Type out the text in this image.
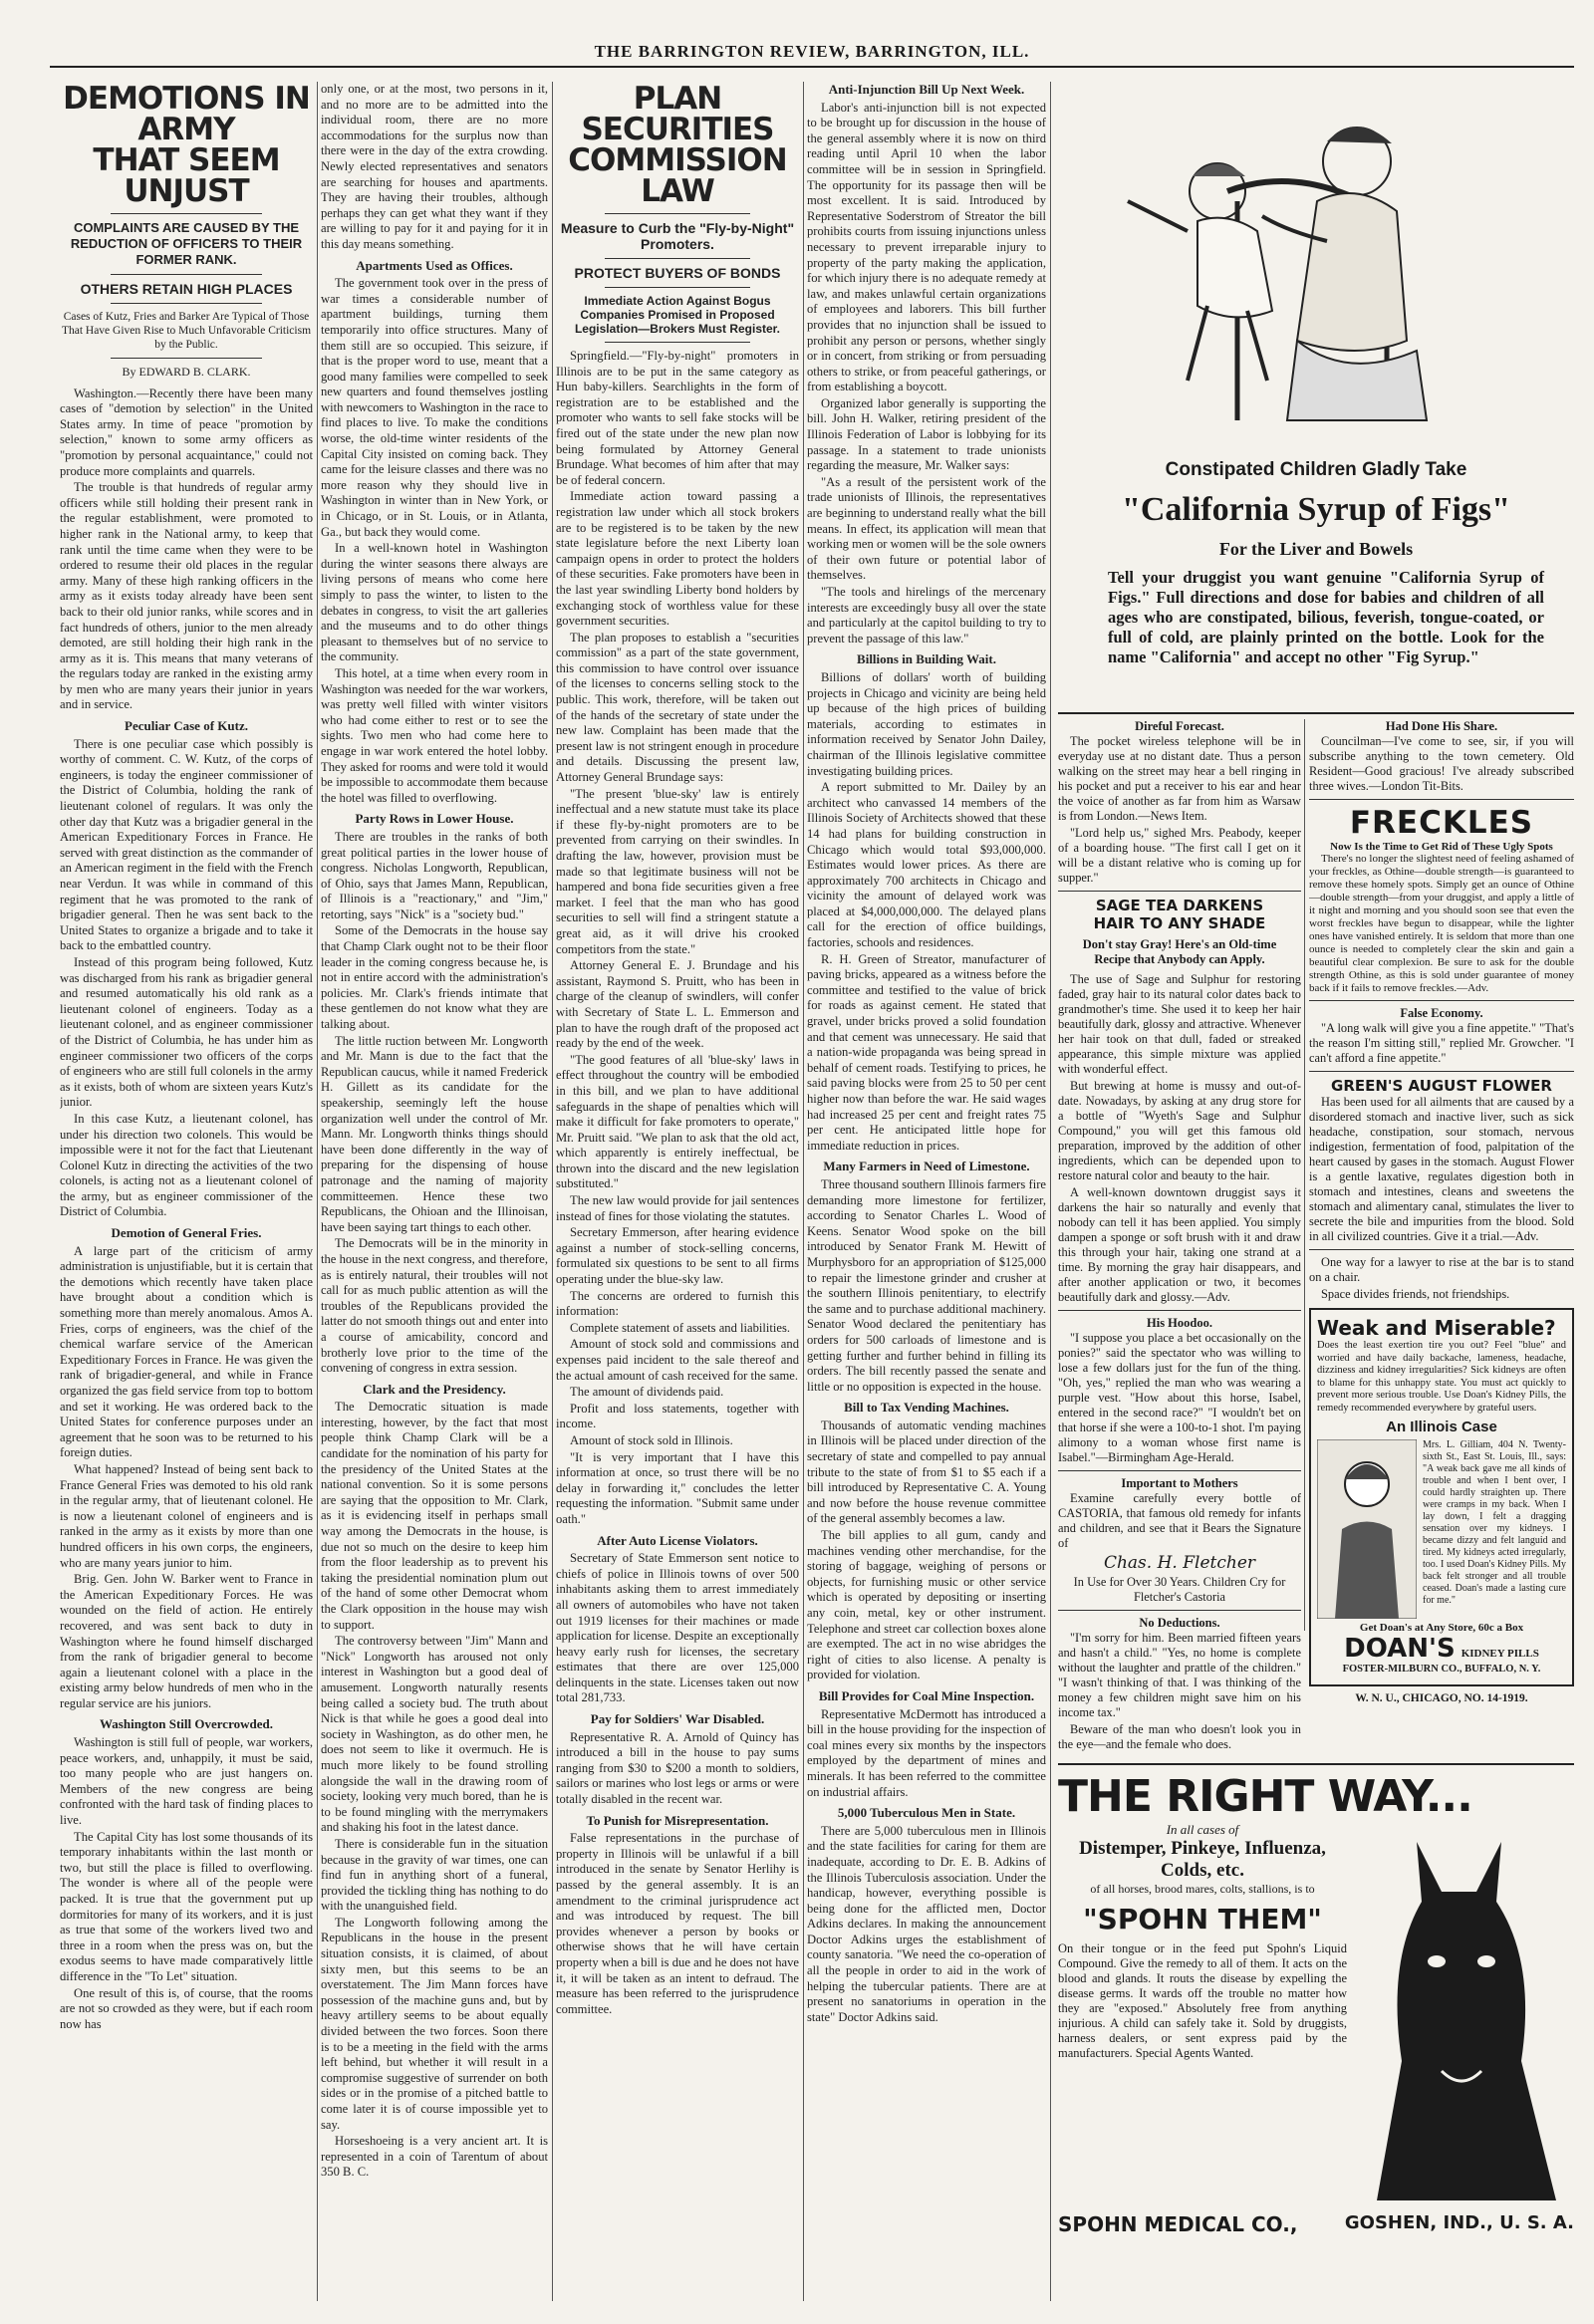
THE BARRINGTON REVIEW, BARRINGTON, ILL.
DEMOTIONS IN ARMY
THAT SEEM UNJUST
COMPLAINTS ARE CAUSED BY THE REDUCTION OF OFFICERS TO THEIR FORMER RANK.
OTHERS RETAIN HIGH PLACES
Cases of Kutz, Fries and Barker Are Typical of Those That Have Given Rise to Much Unfavorable Criticism by the Public.
By EDWARD B. CLARK.

Washington.—Recently there have been many cases of "demotion by selection" in the United States army. In time of peace "promotion by selection," known to some army officers as "promotion by personal acquaintance," could not produce more complaints and quarrels.

The trouble is that hundreds of regular army officers while still holding their present rank in the regular establishment, were promoted to higher rank in the National army, to keep that rank until the time came when they were to be ordered to resume their old places in the regular army. Many of these high ranking officers in the army as it exists today already have been sent back to their old junior ranks, while scores and in fact hundreds of others, junior to the men already demoted, are still holding their high rank in the army as it is. This means that many veterans of the regulars today are ranked in the existing army by men who are many years their junior in years and in service.

Peculiar Case of Kutz.

There is one peculiar case which possibly is worthy of comment. C. W. Kutz, of the corps of engineers, is today the engineer commissioner of the District of Columbia, holding the rank of lieutenant colonel of regulars. It was only the other day that Kutz was a brigadier general in the American Expeditionary Forces in France. He served with great distinction as the commander of an American regiment in the field with the French near Verdun. It was while in command of this regiment that he was promoted to the rank of brigadier general. Then he was sent back to the United States to organize a brigade and to take it back to the embattled country.

Instead of this program being followed, Kutz was discharged from his rank as brigadier general and resumed automatically his old rank as a lieutenant colonel of engineers. Today as a lieutenant colonel, and as engineer commissioner of the District of Columbia, he has under him as engineer commissioner two officers of the corps of engineers who are still full colonels in the army as it exists, both of whom are sixteen years Kutz's junior.

In this case Kutz, a lieutenant colonel, has under his direction two colonels. This would be impossible were it not for the fact that Lieutenant Colonel Kutz in directing the activities of the two colonels, is acting not as a lieutenant colonel of the army, but as engineer commissioner of the District of Columbia.

Demotion of General Fries.

A large part of the criticism of army administration is unjustifiable, but it is certain that the demotions which recently have taken place have brought about a condition which is something more than merely anomalous. Amos A. Fries, corps of engineers, was the chief of the chemical warfare service of the American Expeditionary Forces in France. He was given the rank of brigadier-general, and while in France organized the gas field service from top to bottom and set it working. He was ordered back to the United States for conference purposes under an agreement that he soon was to be returned to his foreign duties.

What happened? Instead of being sent back to France General Fries was demoted to his old rank in the regular army, that of lieutenant colonel. He is now a lieutenant colonel of engineers and is ranked in the army as it exists by more than one hundred officers in his own corps, the engineers, who are many years junior to him.

Brig. Gen. John W. Barker went to France in the American Expeditionary Forces. He was wounded on the field of action. He entirely recovered, and was sent back to duty in Washington where he found himself discharged from the rank of brigadier general to become again a lieutenant colonel with a place in the existing army below hundreds of men who in the regular service are his juniors.

Washington Still Overcrowded.

Washington is still full of people, war workers, peace workers, and, unhappily, it must be said, too many people who are just hangers on. Members of the new congress are being confronted with the hard task of finding places to live.

The Capital City has lost some thousands of its temporary inhabitants within the last month or two, but still the place is filled to overflowing. The wonder is where all of the people were packed. It is true that the government put up dormitories for many of its workers, and it is just as true that some of the workers lived two and three in a room when the press was on, but the exodus seems to have made comparatively little difference in the "To Let" situation.

One result of this is, of course, that the rooms are not so crowded as they were, but if each room now has

only one, or at the most, two persons in it, and no more are to be admitted into the individual room, there are no more accommodations for the surplus now than there were in the day of the extra crowding. Newly elected representatives and senators are searching for houses and apartments. They are having their troubles, although perhaps they can get what they want if they are willing to pay for it and paying for it in this day means something.

Apartments Used as Offices.

The government took over in the press of war times a considerable number of apartment buildings, turning them temporarily into office structures. Many of them still are so occupied. This seizure, if that is the proper word to use, meant that a good many families were compelled to seek new quarters and found themselves jostling with newcomers to Washington in the race to find places to live. To make the conditions worse, the old-time winter residents of the Capital City insisted on coming back. They came for the leisure classes and there was no more reason why they should live in Washington in winter than in New York, or in Chicago, or in St. Louis, or in Atlanta, Ga., but back they would come.

In a well-known hotel in Washington during the winter seasons there always are living persons of means who come here simply to pass the winter, to listen to the debates in congress, to visit the art galleries and the museums and to do other things pleasant to themselves but of no service to the community.

This hotel, at a time when every room in Washington was needed for the war workers, was pretty well filled with winter visitors who had come either to rest or to see the sights. Two men who had come here to engage in war work entered the hotel lobby. They asked for rooms and were told it would be impossible to accommodate them because the hotel was filled to overflowing.

Party Rows in Lower House.

There are troubles in the ranks of both great political parties in the lower house of congress. Nicholas Longworth, Republican, of Ohio, says that James Mann, Republican, of Illinois is a "reactionary," and "Jim," retorting, says "Nick" is a "society bud."

Some of the Democrats in the house say that Champ Clark ought not to be their floor leader in the coming congress because he, is not in entire accord with the administration's policies. Mr. Clark's friends intimate that these gentlemen do not know what they are talking about.

The little ruction between Mr. Longworth and Mr. Mann is due to the fact that the Republican caucus, while it named Frederick H. Gillett as its candidate for the speakership, seemingly left the house organization well under the control of Mr. Mann. Mr. Longworth thinks things should have been done differently in the way of preparing for the dispensing of house patronage and the naming of majority committeemen. Hence these two Republicans, the Ohioan and the Illinoisan, have been saying tart things to each other.

The Democrats will be in the minority in the house in the next congress, and therefore, as is entirely natural, their troubles will not call for as much public attention as will the troubles of the Republicans provided the latter do not smooth things out and enter into a course of amicability, concord and brotherly love prior to the time of the convening of congress in extra session.

Clark and the Presidency.

The Democratic situation is made interesting, however, by the fact that most people think Champ Clark will be a candidate for the nomination of his party for the presidency of the United States at the national convention. So it is some persons are saying that the opposition to Mr. Clark, as it is evidencing itself in perhaps small way among the Democrats in the house, is due not so much on the desire to keep him from the floor leadership as to prevent his taking the presidential nomination plum out of the hand of some other Democrat whom the Clark opposition in the house may wish to support.

The controversy between "Jim" Mann and "Nick" Longworth has aroused not only interest in Washington but a good deal of amusement. Longworth naturally resents being called a society bud. The truth about Nick is that while he goes a good deal into society in Washington, as do other men, he does not seem to like it overmuch. He is much more likely to be found strolling alongside the wall in the drawing room of society, looking very much bored, than he is to be found mingling with the merrymakers and shaking his foot in the latest dance.

There is considerable fun in the situation because in the gravity of war times, one can find fun in anything short of a funeral, provided the tickling thing has nothing to do with the unanguished field.

The Longworth following among the Republicans in the house in the present situation consists, it is claimed, of about sixty men, but this seems to be an overstatement. The Jim Mann forces have possession of the machine guns and, but by heavy artillery seems to be about equally divided between the two forces. Soon there is to be a meeting in the field with the arms left behind, but whether it will result in a compromise suggestive of surrender on both sides or in the promise of a pitched battle to come later it is of course impossible yet to say.

Horseshoeing is a very ancient art. It is represented in a coin of Tarentum of about 350 B. C.

PLAN SECURITIES
COMMISSION LAW
Measure to Curb the "Fly-by-Night" Promoters.
PROTECT BUYERS OF BONDS
Immediate Action Against Bogus Companies Promised in Proposed Legislation—Brokers Must Register.

Springfield.—"Fly-by-night" promoters in Illinois are to be put in the same category as Hun baby-killers. Searchlights in the form of registration are to be established and the promoter who wants to sell fake stocks will be fired out of the state under the new plan now being formulated by Attorney General Brundage. What becomes of him after that may be of federal concern.

Immediate action toward passing a registration law under which all stock brokers are to be registered is to be taken by the new state legislature before the next Liberty loan campaign opens in order to protect the holders of these securities. Fake promoters have been in the last year swindling Liberty bond holders by exchanging stock of worthless value for these government securities.

The plan proposes to establish a "securities commission" as a part of the state government, this commission to have control over issuance of the licenses to concerns selling stock to the public. This work, therefore, will be taken out of the hands of the secretary of state under the new law. Complaint has been made that the present law is not stringent enough in procedure and details. Discussing the present law, Attorney General Brundage says:

"The present 'blue-sky' law is entirely ineffectual and a new statute must take its place if these fly-by-night promoters are to be prevented from carrying on their swindles. In drafting the law, however, provision must be made so that legitimate business will not be hampered and bona fide securities given a free market. I feel that the man who has good securities to sell will find a stringent statute a great aid, as it will drive his crooked competitors from the state."

Attorney General E. J. Brundage and his assistant, Raymond S. Pruitt, who has been in charge of the cleanup of swindlers, will confer with Secretary of State L. L. Emmerson and plan to have the rough draft of the proposed act ready by the end of the week.

"The good features of all 'blue-sky' laws in effect throughout the country will be embodied in this bill, and we plan to have additional safeguards in the shape of penalties which will make it difficult for fake promoters to operate," Mr. Pruitt said. "We plan to ask that the old act, which apparently is entirely ineffectual, be thrown into the discard and the new legislation substituted."

The new law would provide for jail sentences instead of fines for those violating the statutes.

Secretary Emmerson, after hearing evidence against a number of stock-selling concerns, formulated six questions to be sent to all firms operating under the blue-sky law.

The concerns are ordered to furnish this information:

Complete statement of assets and liabilities.

Amount of stock sold and commissions and expenses paid incident to the sale thereof and the actual amount of cash received for the same.

The amount of dividends paid.

Profit and loss statements, together with income.

Amount of stock sold in Illinois.

"It is very important that I have this information at once, so trust there will be no delay in forwarding it," concludes the letter requesting the information. "Submit same under oath."

After Auto License Violators.

Secretary of State Emmerson sent notice to chiefs of police in Illinois towns of over 500 inhabitants asking them to arrest immediately all owners of automobiles who have not taken out 1919 licenses for their machines or made application for license. Despite an exceptionally heavy early rush for licenses, the secretary estimates that there are over 125,000 delinquents in the state. Licenses taken out now total 281,733.

Pay for Soldiers' War Disabled.

Representative R. A. Arnold of Quincy has introduced a bill in the house to pay sums ranging from $30 to $200 a month to soldiers, sailors or marines who lost legs or arms or were totally disabled in the recent war.

To Punish for Misrepresentation.

False representations in the purchase of property in Illinois will be unlawful if a bill introduced in the senate by Senator Herlihy is passed by the general assembly. It is an amendment to the criminal jurisprudence act and was introduced by request. The bill provides whenever a person by books or otherwise shows that he will have certain property when a bill is due and he does not have it, it will be taken as an intent to defraud. The measure has been referred to the jurisprudence committee.

Anti-Injunction Bill Up Next Week.

Labor's anti-injunction bill is not expected to be brought up for discussion in the house of the general assembly where it is now on third reading until April 10 when the labor committee will be in session in Springfield. The opportunity for its passage then will be most excellent. It is said. Introduced by Representative Soderstrom of Streator the bill prohibits courts from issuing injunctions unless necessary to prevent irreparable injury to property of the party making the application, for which injury there is no adequate remedy at law, and makes unlawful certain organizations of employees and laborers. This bill further provides that no injunction shall be issued to prohibit any person or persons, whether singly or in concert, from striking or from persuading others to strike, or from peaceful gatherings, or from establishing a boycott.

Organized labor generally is supporting the bill. John H. Walker, retiring president of the Illinois Federation of Labor is lobbying for its passage. In a statement to trade unionists regarding the measure, Mr. Walker says:

"As a result of the persistent work of the trade unionists of Illinois, the representatives are beginning to understand really what the bill means. In effect, its application will mean that working men or women will be the sole owners of their own future or potential labor of themselves.

"The tools and hirelings of the mercenary interests are exceedingly busy all over the state and particularly at the capitol building to try to prevent the passage of this law."

Billions in Building Wait.

Billions of dollars' worth of building projects in Chicago and vicinity are being held up because of the high prices of building materials, according to estimates in information received by Senator John Dailey, chairman of the Illinois legislative committee investigating building prices.

A report submitted to Mr. Dailey by an architect who canvassed 14 members of the Illinois Society of Architects showed that these 14 had plans for building construction in Chicago which would total $93,000,000. Estimates would lower prices. As there are approximately 700 architects in Chicago and vicinity the amount of delayed work was placed at $4,000,000,000. The delayed plans call for the erection of office buildings, factories, schools and residences.

R. H. Green of Streator, manufacturer of paving bricks, appeared as a witness before the committee and testified to the value of brick for roads as against cement. He stated that gravel, under bricks proved a solid foundation and that cement was unnecessary. He said that a nation-wide propaganda was being spread in behalf of cement roads. Testifying to prices, he said paving blocks were from 25 to 50 per cent higher now than before the war. He said wages had increased 25 per cent and freight rates 75 per cent. He anticipated little hope for immediate reduction in prices.

Many Farmers in Need of Limestone.

Three thousand southern Illinois farmers fire demanding more limestone for fertilizer, according to Senator Charles L. Wood of Keens. Senator Wood spoke on the bill introduced by Senator Frank M. Hewitt of Murphysboro for an appropriation of $125,000 to repair the limestone grinder and crusher at the southern Illinois penitentiary, to electrify the same and to purchase additional machinery. Senator Wood declared the penitentiary has orders for 500 carloads of limestone and is getting further and further behind in filling its orders. The bill recently passed the senate and little or no opposition is expected in the house.

Bill to Tax Vending Machines.

Thousands of automatic vending machines in Illinois will be placed under direction of the secretary of state and compelled to pay annual tribute to the state of from $1 to $5 each if a bill introduced by Representative C. A. Young and now before the house revenue committee of the general assembly becomes a law.

The bill applies to all gum, candy and machines vending other merchandise, for the storing of baggage, weighing of persons or objects, for furnishing music or other service which is operated by depositing or inserting any coin, metal, key or other instrument. Telephone and street car collection boxes alone are exempted. The act in no wise abridges the right of cities to also license. A penalty is provided for violation.

Bill Provides for Coal Mine Inspection.

Representative McDermott has introduced a bill in the house providing for the inspection of coal mines every six months by the inspectors employed by the department of mines and minerals. It has been referred to the committee on industrial affairs.

5,000 Tuberculous Men in State.

There are 5,000 tuberculous men in Illinois and the state facilities for caring for them are inadequate, according to Dr. E. B. Adkins of the Illinois Tuberculosis association. Under the handicap, however, everything possible is being done for the afflicted men, Doctor Adkins declares. In making the announcement Doctor Adkins urges the establishment of county sanatoria. "We need the co-operation of all the people in order to aid in the work of helping the tubercular patients. There are at present no sanatoriums in operation in the state" Doctor Adkins said.

Constipated Children Gladly Take
"California Syrup of Figs"
For the Liver and Bowels
Tell your druggist you want genuine "California Syrup of Figs." Full directions and dose for babies and children of all ages who are constipated, bilious, feverish, tongue-coated, or full of cold, are plainly printed on the bottle. Look for the name "California" and accept no other "Fig Syrup."
Direful Forecast.

The pocket wireless telephone will be in everyday use at no distant date. Thus a person walking on the street may hear a bell ringing in his pocket and put a receiver to his ear and hear the voice of another as far from him as Warsaw is from London.—News Item.

"Lord help us," sighed Mrs. Peabody, keeper of a boarding house. "The first call I get on it will be a distant relative who is coming up for supper."

SAGE TEA DARKENS
HAIR TO ANY SHADE
Don't stay Gray! Here's an Old-time Recipe that Anybody can Apply.

The use of Sage and Sulphur for restoring faded, gray hair to its natural color dates back to grandmother's time. She used it to keep her hair beautifully dark, glossy and attractive. Whenever her hair took on that dull, faded or streaked appearance, this simple mixture was applied with wonderful effect.

But brewing at home is mussy and out-of-date. Nowadays, by asking at any drug store for a bottle of "Wyeth's Sage and Sulphur Compound," you will get this famous old preparation, improved by the addition of other ingredients, which can be depended upon to restore natural color and beauty to the hair.

A well-known downtown druggist says it darkens the hair so naturally and evenly that nobody can tell it has been applied. You simply dampen a sponge or soft brush with it and draw this through your hair, taking one strand at a time. By morning the gray hair disappears, and after another application or two, it becomes beautifully dark and glossy.—Adv.

His Hoodoo.

"I suppose you place a bet occasionally on the ponies?" said the spectator who was willing to lose a few dollars just for the fun of the thing. "Oh, yes," replied the man who was wearing a purple vest. "How about this horse, Isabel, entered in the second race?" "I wouldn't bet on that horse if she were a 100-to-1 shot. I'm paying alimony to a woman whose first name is Isabel."—Birmingham Age-Herald.

Important to Mothers

Examine carefully every bottle of CASTORIA, that famous old remedy for infants and children, and see that it Bears the Signature of

Chas. H. Fletcher

In Use for Over 30 Years. Children Cry for Fletcher's Castoria

No Deductions.

"I'm sorry for him. Been married fifteen years and hasn't a child." "Yes, no home is complete without the laughter and prattle of the children." "I wasn't thinking of that. I was thinking of the money a few children might save him on his income tax."

Beware of the man who doesn't look you in the eye—and the female who does.

Had Done His Share.

Councilman—I've come to see, sir, if you will subscribe anything to the town cemetery. Old Resident—Good gracious! I've already subscribed three wives.—London Tit-Bits.

FRECKLES
Now Is the Time to Get Rid of These Ugly Spots

There's no longer the slightest need of feeling ashamed of your freckles, as Othine—double strength—is guaranteed to remove these homely spots. Simply get an ounce of Othine—double strength—from your druggist, and apply a little of it night and morning and you should soon see that even the worst freckles have begun to disappear, while the lighter ones have vanished entirely. It is seldom that more than one ounce is needed to completely clear the skin and gain a beautiful clear complexion. Be sure to ask for the double strength Othine, as this is sold under guarantee of money back if it fails to remove freckles.—Adv.

False Economy.

"A long walk will give you a fine appetite." "That's the reason I'm sitting still," replied Mr. Growcher. "I can't afford a fine appetite."

GREEN'S AUGUST FLOWER

Has been used for all ailments that are caused by a disordered stomach and inactive liver, such as sick headache, constipation, sour stomach, nervous indigestion, fermentation of food, palpitation of the heart caused by gases in the stomach. August Flower is a gentle laxative, regulates digestion both in stomach and intestines, cleans and sweetens the stomach and alimentary canal, stimulates the liver to secrete the bile and impurities from the blood. Sold in all civilized countries. Give it a trial.—Adv.

One way for a lawyer to rise at the bar is to stand on a chair.

Space divides friends, not friendships.

Weak and Miserable?
Does the least exertion tire you out? Feel "blue" and worried and have daily backache, lameness, headache, dizziness and kidney irregularities? Sick kidneys are often to blame for this unhappy state. You must act quickly to prevent more serious trouble. Use Doan's Kidney Pills, the remedy recommended everywhere by grateful users.
An Illinois Case
Mrs. L. Gilliam, 404 N. Twenty-sixth St., East St. Louis, Ill., says: "A weak back gave me all kinds of trouble and when I bent over, I could hardly straighten up. There were cramps in my back. When I lay down, I felt a dragging sensation over my kidneys. I became dizzy and felt languid and tired. My kidneys acted irregularly, too. I used Doan's Kidney Pills. My back felt stronger and all trouble ceased. Doan's made a lasting cure for me."
Get Doan's at Any Store, 60c a Box
DOAN'S KIDNEY PILLS
FOSTER-MILBURN CO., BUFFALO, N. Y.
W. N. U., CHICAGO, NO. 14-1919.
THE RIGHT WAY...
In all cases of
Distemper, Pinkeye, Influenza, Colds, etc.
of all horses, brood mares, colts, stallions, is to
"SPOHN THEM"
On their tongue or in the feed put Spohn's Liquid Compound. Give the remedy to all of them. It acts on the blood and glands. It routs the disease by expelling the disease germs. It wards off the trouble no matter how they are "exposed." Absolutely free from anything injurious. A child can safely take it. Sold by druggists, harness dealers, or sent express paid by the manufacturers. Special Agents Wanted.
SPOHN MEDICAL CO.,	GOSHEN, IND., U. S. A.
